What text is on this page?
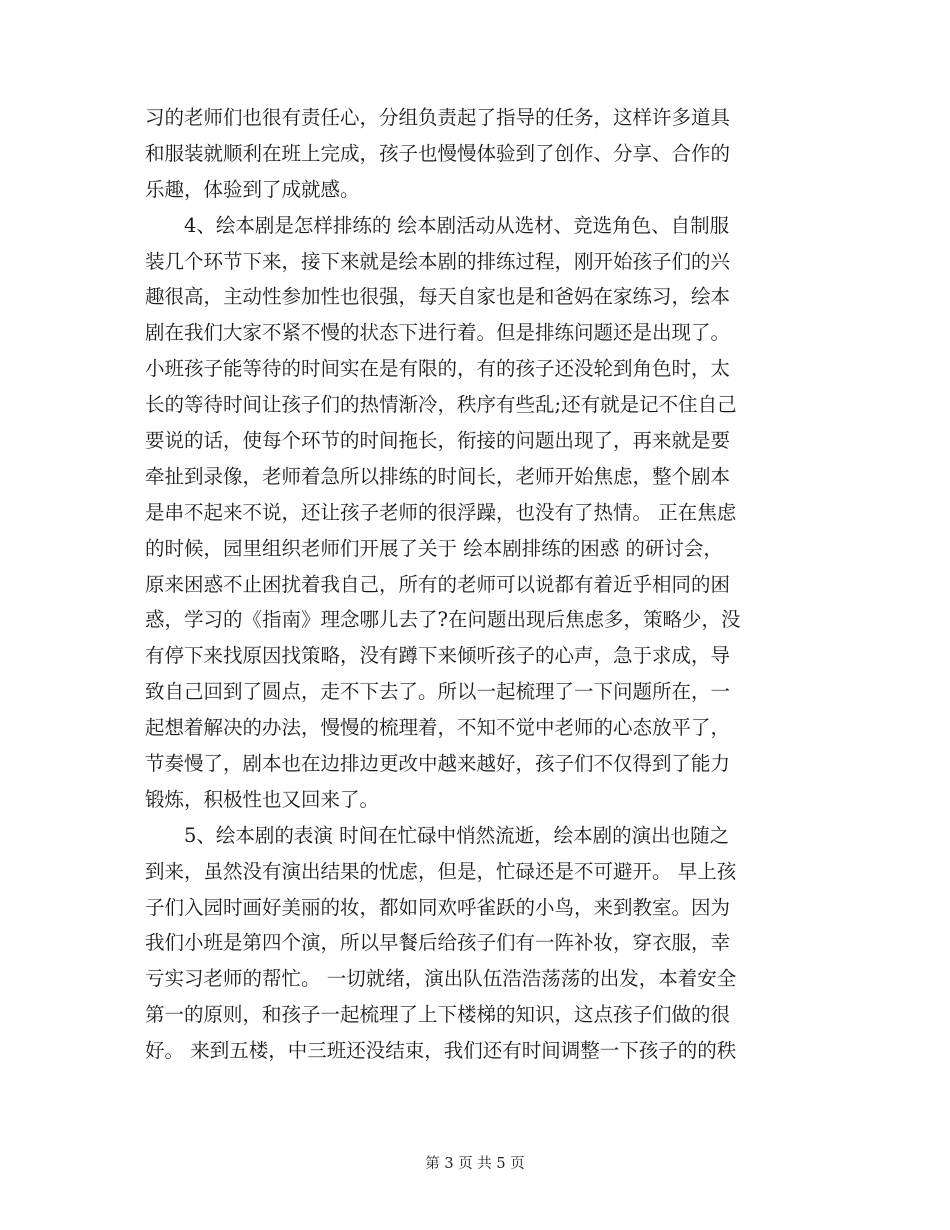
习的老师们也很有责任心，分组负责起了指导的任务，这样许多道具
和服装就顺利在班上完成，孩子也慢慢体验到了创作、分享、合作的
乐趣，体验到了成就感。
　　4、绘本剧是怎样排练的 绘本剧活动从选材、竞选角色、自制服
装几个环节下来，接下来就是绘本剧的排练过程，刚开始孩子们的兴
趣很高，主动性参加性也很强，每天自家也是和爸妈在家练习，绘本
剧在我们大家不紧不慢的状态下进行着。但是排练问题还是出现了。
小班孩子能等待的时间实在是有限的，有的孩子还没轮到角色时，太
长的等待时间让孩子们的热情渐冷，秩序有些乱;还有就是记不住自己
要说的话，使每个环节的时间拖长，衔接的问题出现了，再来就是要
牵扯到录像，老师着急所以排练的时间长，老师开始焦虑，整个剧本
是串不起来不说，还让孩子老师的很浮躁，也没有了热情。 正在焦虑
的时候，园里组织老师们开展了关于 绘本剧排练的困惑 的研讨会，
原来困惑不止困扰着我自己，所有的老师可以说都有着近乎相同的困
惑，学习的《指南》理念哪儿去了?在问题出现后焦虑多，策略少，没
有停下来找原因找策略，没有蹲下来倾听孩子的心声，急于求成，导
致自己回到了圆点，走不下去了。所以一起梳理了一下问题所在，一
起想着解决的办法，慢慢的梳理着，不知不觉中老师的心态放平了，
节奏慢了，剧本也在边排边更改中越来越好，孩子们不仅得到了能力
锻炼，积极性也又回来了。
　　5、绘本剧的表演 时间在忙碌中悄然流逝，绘本剧的演出也随之
到来，虽然没有演出结果的忧虑，但是，忙碌还是不可避开。 早上孩
子们入园时画好美丽的妆，都如同欢呼雀跃的小鸟，来到教室。因为
我们小班是第四个演，所以早餐后给孩子们有一阵补妆，穿衣服，幸
亏实习老师的帮忙。 一切就绪，演出队伍浩浩荡荡的出发，本着安全
第一的原则，和孩子一起梳理了上下楼梯的知识，这点孩子们做的很
好。 来到五楼，中三班还没结束，我们还有时间调整一下孩子的的秩
第 3 页 共 5 页
